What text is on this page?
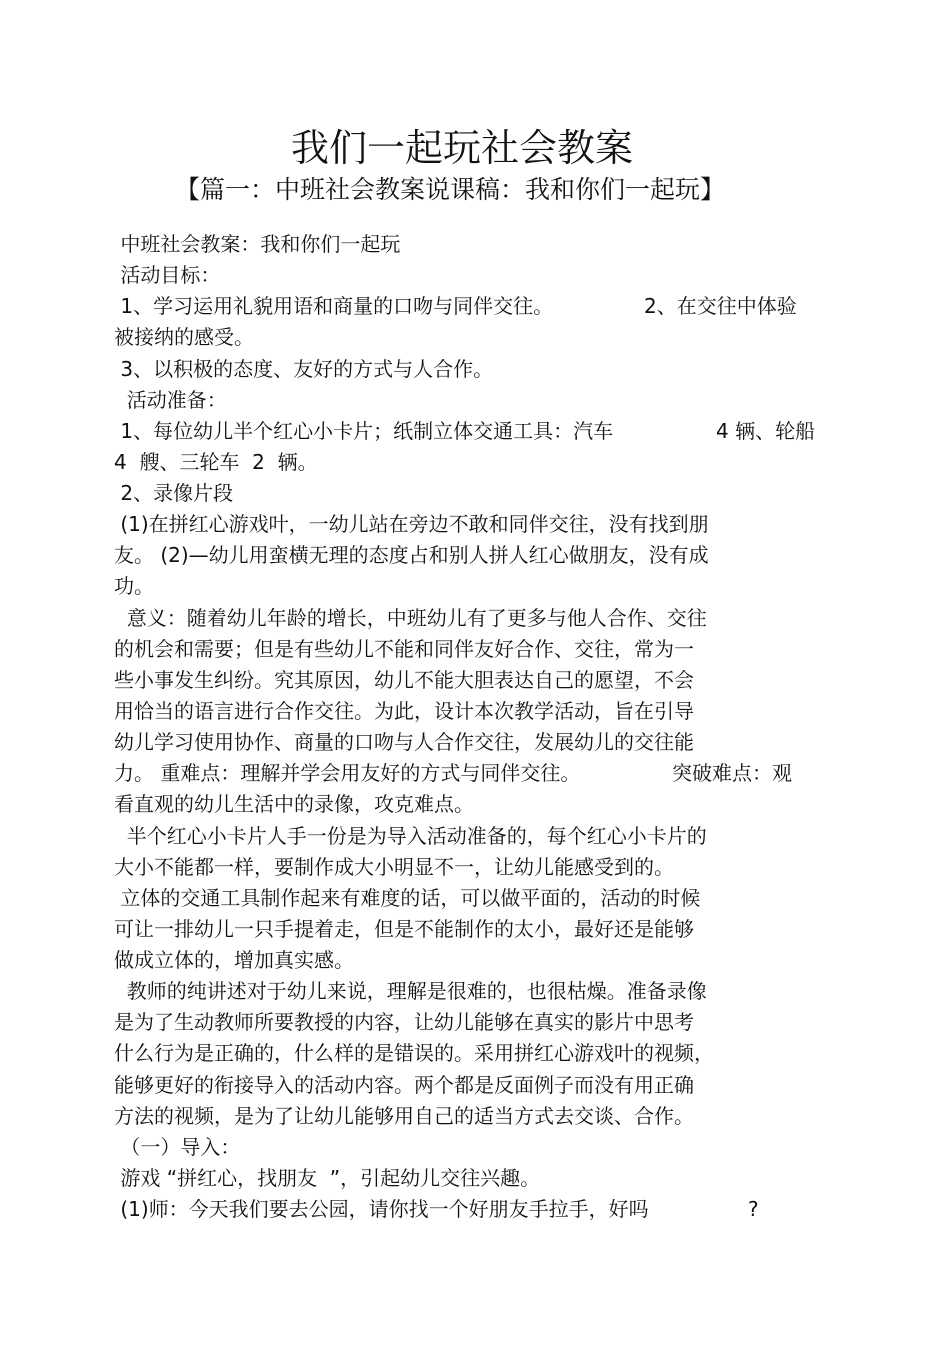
我们一起玩社会教案
【篇一：中班社会教案说课稿：我和你们一起玩】
中班社会教案：我和你们一起玩
活动目标：
1、学习运用礼貌用语和商量的口吻与同伴交往。	2、在交往中体验
被接纳的感受。
3、以积极的态度、友好的方式与人合作。
活动准备：
1、每位幼儿半个红心小卡片；纸制立体交通工具：汽车	4 辆、轮船
4  艘、三轮车  2  辆。
2、录像片段
(1)在拼红心游戏叶，一幼儿站在旁边不敢和同伴交往，没有找到朋
友。 (2)—幼儿用蛮横无理的态度占和别人拼人红心做朋友，没有成
功。
意义：随着幼儿年龄的增长，中班幼儿有了更多与他人合作、交往
的机会和需要；但是有些幼儿不能和同伴友好合作、交往，常为一
些小事发生纠纷。究其原因，幼儿不能大胆表达自己的愿望，不会
用恰当的语言进行合作交往。为此，设计本次教学活动，旨在引导
幼儿学习使用协作、商量的口吻与人合作交往，发展幼儿的交往能
力。 重难点：理解并学会用友好的方式与同伴交往。	突破难点：观
看直观的幼儿生活中的录像，攻克难点。
半个红心小卡片人手一份是为导入活动准备的，每个红心小卡片的
大小不能都一样，要制作成大小明显不一，让幼儿能感受到的。
立体的交通工具制作起来有难度的话，可以做平面的，活动的时候
可让一排幼儿一只手提着走，但是不能制作的太小，最好还是能够
做成立体的，增加真实感。
教师的纯讲述对于幼儿来说，理解是很难的，也很枯燥。准备录像
是为了生动教师所要教授的内容，让幼儿能够在真实的影片中思考
什么行为是正确的，什么样的是错误的。采用拼红心游戏叶的视频，
能够更好的衔接导入的活动内容。两个都是反面例子而没有用正确
方法的视频，是为了让幼儿能够用自己的适当方式去交谈、合作。
（一）导入：
游戏 “拼红心，找朋友  ”，引起幼儿交往兴趣。
(1)师：今天我们要去公园，请你找一个好朋友手拉手，好吗	?
